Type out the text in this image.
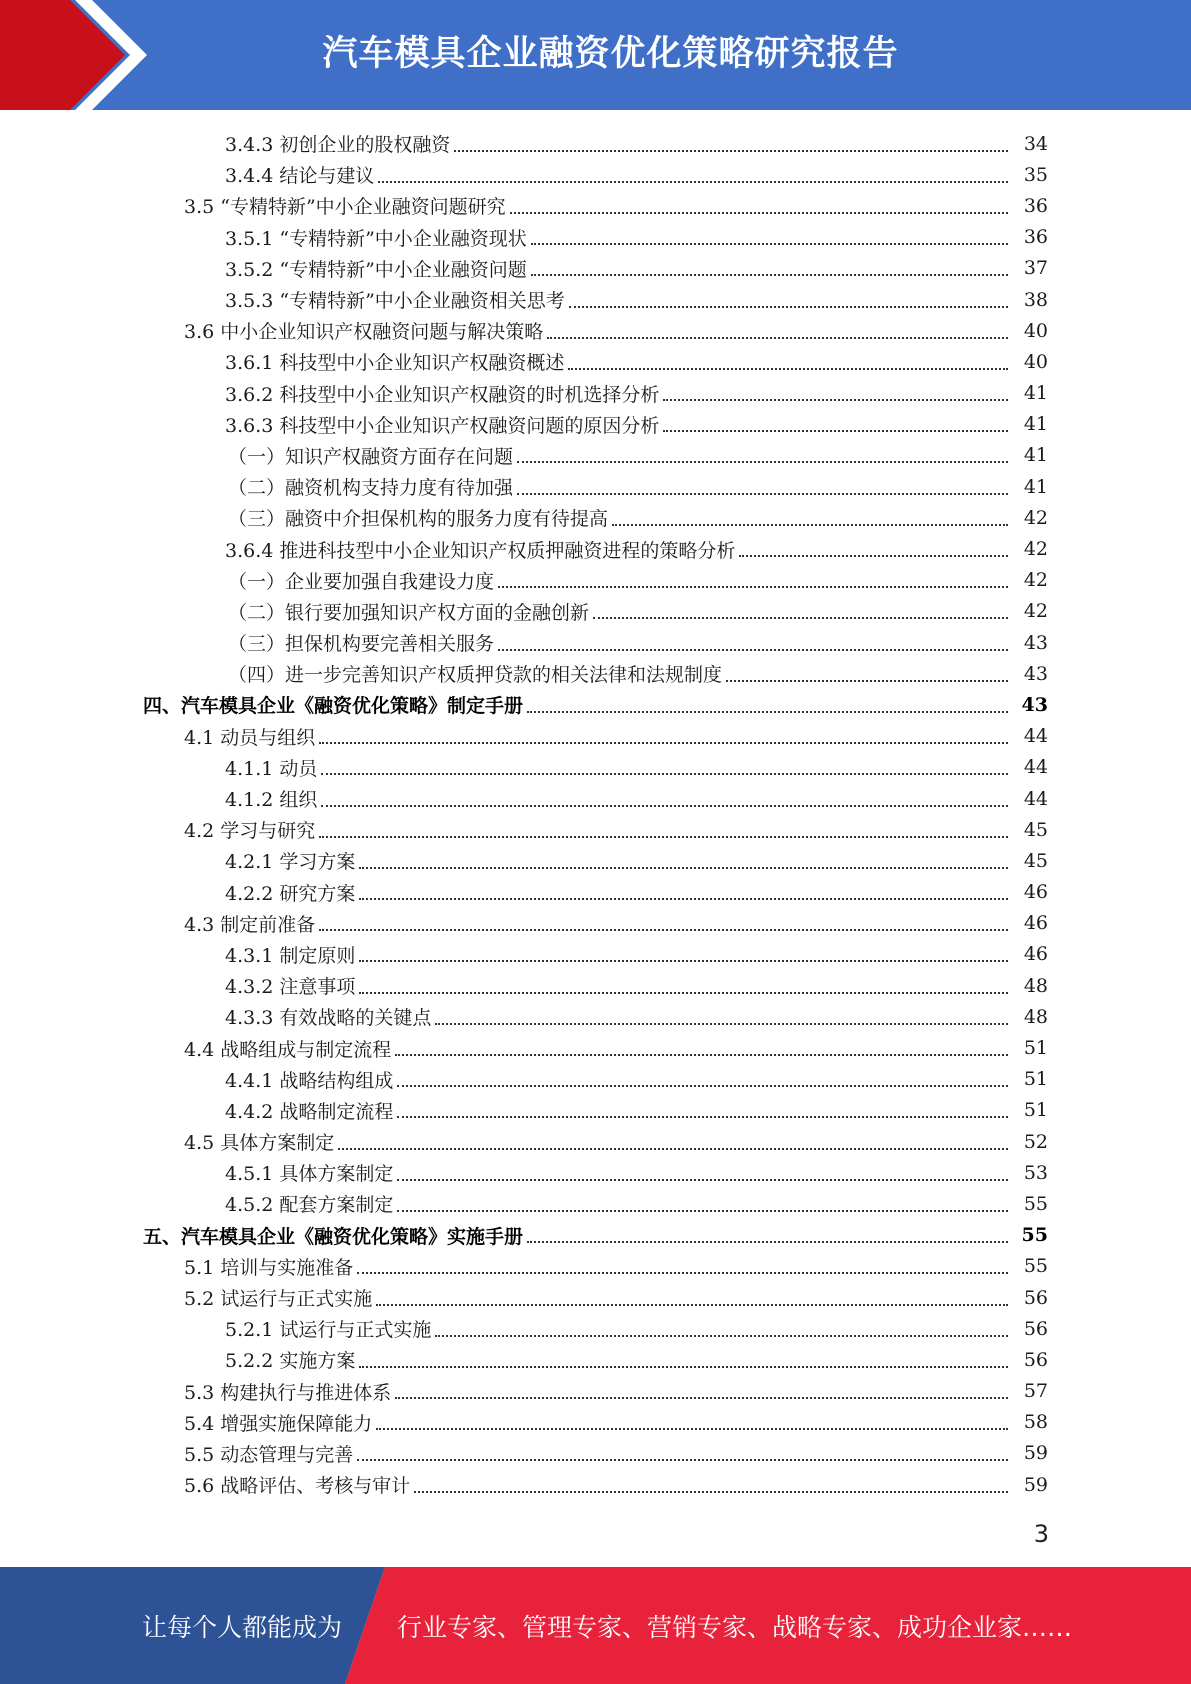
汽车模具企业融资优化策略研究报告
3.4.3 初创企业的股权融资	34
3.4.4 结论与建议	35
3.5 “专精特新”中小企业融资问题研究	36
3.5.1 “专精特新”中小企业融资现状	36
3.5.2 “专精特新”中小企业融资问题	37
3.5.3 “专精特新”中小企业融资相关思考	38
3.6 中小企业知识产权融资问题与解决策略	40
3.6.1 科技型中小企业知识产权融资概述	40
3.6.2 科技型中小企业知识产权融资的时机选择分析	41
3.6.3 科技型中小企业知识产权融资问题的原因分析	41
（一）知识产权融资方面存在问题	41
（二）融资机构支持力度有待加强	41
（三）融资中介担保机构的服务力度有待提高	42
3.6.4 推进科技型中小企业知识产权质押融资进程的策略分析	42
（一）企业要加强自我建设力度	42
（二）银行要加强知识产权方面的金融创新	42
（三）担保机构要完善相关服务	43
（四）进一步完善知识产权质押贷款的相关法律和法规制度	43
四、汽车模具企业《融资优化策略》制定手册	43
4.1 动员与组织	44
4.1.1 动员	44
4.1.2 组织	44
4.2 学习与研究	45
4.2.1 学习方案	45
4.2.2 研究方案	46
4.3 制定前准备	46
4.3.1 制定原则	46
4.3.2 注意事项	48
4.3.3 有效战略的关键点	48
4.4 战略组成与制定流程	51
4.4.1 战略结构组成	51
4.4.2 战略制定流程	51
4.5 具体方案制定	52
4.5.1 具体方案制定	53
4.5.2 配套方案制定	55
五、汽车模具企业《融资优化策略》实施手册	55
5.1 培训与实施准备	55
5.2 试运行与正式实施	56
5.2.1 试运行与正式实施	56
5.2.2 实施方案	56
5.3 构建执行与推进体系	57
5.4 增强实施保障能力	58
5.5 动态管理与完善	59
5.6 战略评估、考核与审计	59
3
让每个人都能成为 行业专家、管理专家、营销专家、战略专家、成功企业家……
